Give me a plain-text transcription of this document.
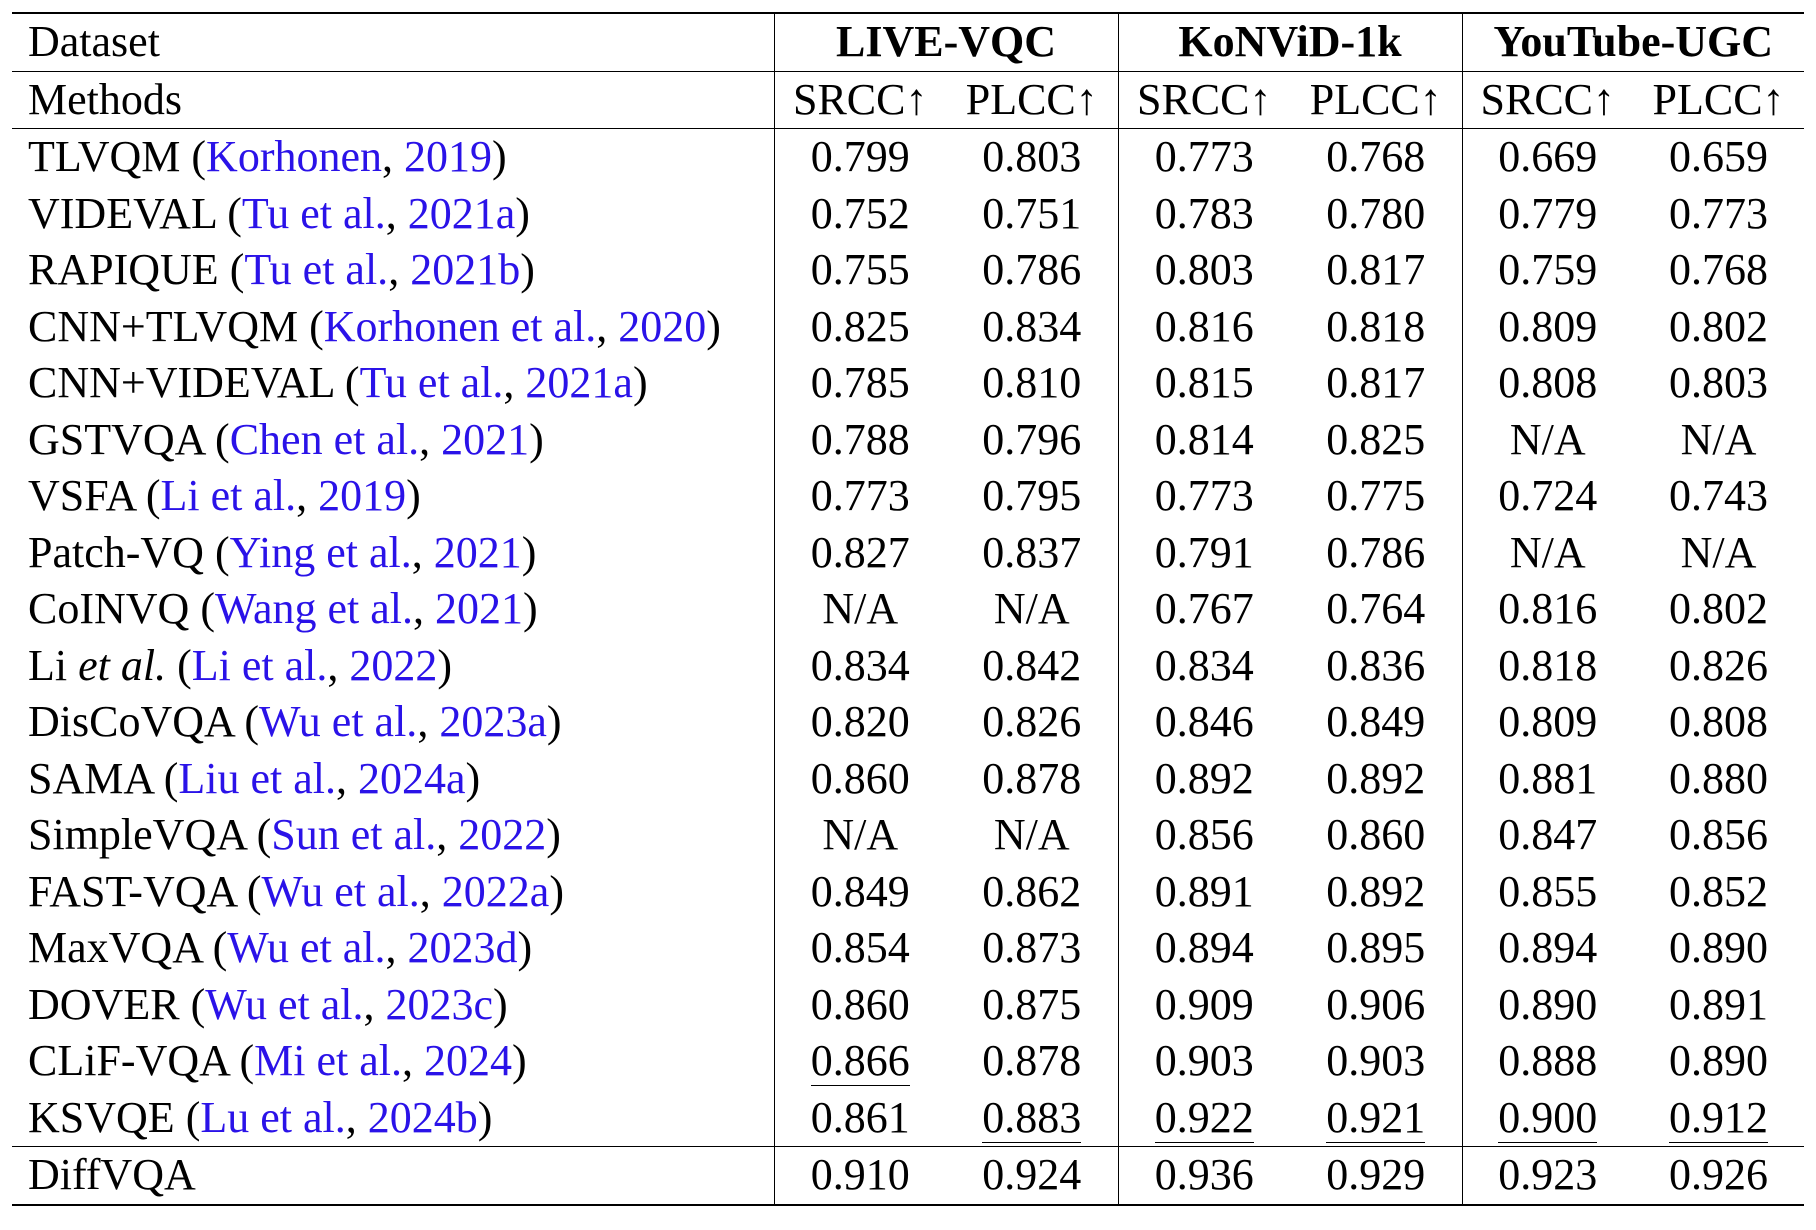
Dataset	LIVE-VQC		KoNViD-1k		YouTube-UGC	
Methods	SRCC↑	PLCC↑	SRCC↑	PLCC↑	SRCC↑	PLCC↑
TLVQM (Korhonen, 2019)	0.799	0.803	0.773	0.768	0.669	0.659
VIDEVAL (Tu et al., 2021a)	0.752	0.751	0.783	0.780	0.779	0.773
RAPIQUE (Tu et al., 2021b)	0.755	0.786	0.803	0.817	0.759	0.768
CNN+TLVQM (Korhonen et al., 2020)	0.825	0.834	0.816	0.818	0.809	0.802
CNN+VIDEVAL (Tu et al., 2021a)	0.785	0.810	0.815	0.817	0.808	0.803
GSTVQA (Chen et al., 2021)	0.788	0.796	0.814	0.825	N/A	N/A
VSFA (Li et al., 2019)	0.773	0.795	0.773	0.775	0.724	0.743
Patch-VQ (Ying et al., 2021)	0.827	0.837	0.791	0.786	N/A	N/A
CoINVQ (Wang et al., 2021)	N/A	N/A	0.767	0.764	0.816	0.802
Li et al. (Li et al., 2022)	0.834	0.842	0.834	0.836	0.818	0.826
DisCoVQA (Wu et al., 2023a)	0.820	0.826	0.846	0.849	0.809	0.808
SAMA (Liu et al., 2024a)	0.860	0.878	0.892	0.892	0.881	0.880
SimpleVQA (Sun et al., 2022)	N/A	N/A	0.856	0.860	0.847	0.856
FAST-VQA (Wu et al., 2022a)	0.849	0.862	0.891	0.892	0.855	0.852
MaxVQA (Wu et al., 2023d)	0.854	0.873	0.894	0.895	0.894	0.890
DOVER (Wu et al., 2023c)	0.860	0.875	0.909	0.906	0.890	0.891
CLiF-VQA (Mi et al., 2024)	0.866	0.878	0.903	0.903	0.888	0.890
KSVQE (Lu et al., 2024b)	0.861	0.883	0.922	0.921	0.900	0.912
DiffVQA	0.910	0.924	0.936	0.929	0.923	0.926
